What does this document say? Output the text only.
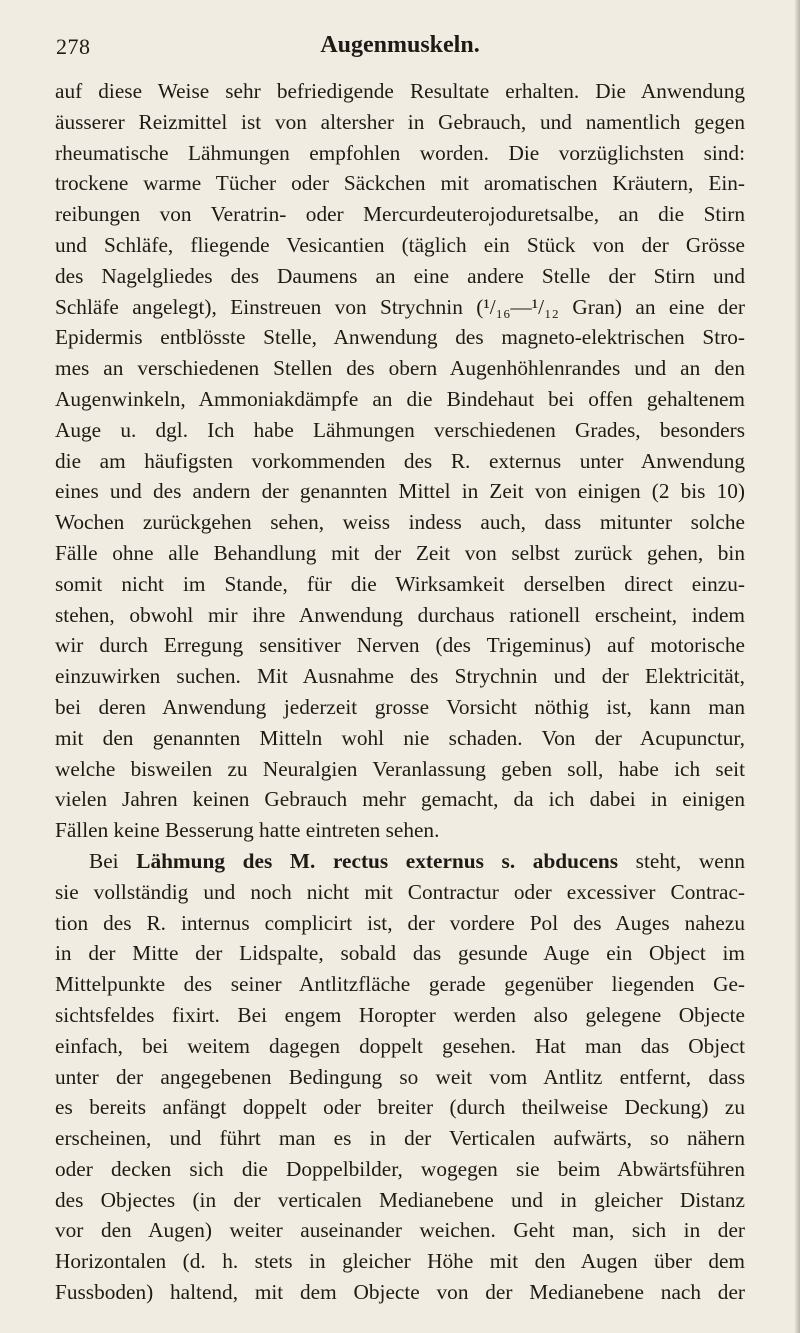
278	Augenmuskeln.

auf diese Weise sehr befriedigende Resultate erhalten. Die Anwendung
äusserer Reizmittel ist von altersher in Gebrauch, und namentlich gegen
rheumatische Lähmungen empfohlen worden. Die vorzüglichsten sind:
trockene warme Tücher oder Säckchen mit aromatischen Kräutern, Ein-
reibungen von Veratrin- oder Mercurdeuterojoduretsalbe, an die Stirn
und Schläfe, fliegende Vesicantien (täglich ein Stück von der Grösse
des Nagelgliedes des Daumens an eine andere Stelle der Stirn und
Schläfe angelegt), Einstreuen von Strychnin (¹/₁₆—¹/₁₂ Gran) an eine der
Epidermis entblösste Stelle, Anwendung des magneto-elektrischen Stro-
mes an verschiedenen Stellen des obern Augenhöhlenrandes und an den
Augenwinkeln, Ammoniakdämpfe an die Bindehaut bei offen gehaltenem
Auge u. dgl. Ich habe Lähmungen verschiedenen Grades, besonders
die am häufigsten vorkommenden des R. externus unter Anwendung
eines und des andern der genannten Mittel in Zeit von einigen (2 bis 10)
Wochen zurückgehen sehen, weiss indess auch, dass mitunter solche
Fälle ohne alle Behandlung mit der Zeit von selbst zurück gehen, bin
somit nicht im Stande, für die Wirksamkeit derselben direct einzu-
stehen, obwohl mir ihre Anwendung durchaus rationell erscheint, indem
wir durch Erregung sensitiver Nerven (des Trigeminus) auf motorische
einzuwirken suchen. Mit Ausnahme des Strychnin und der Elektricität,
bei deren Anwendung jederzeit grosse Vorsicht nöthig ist, kann man
mit den genannten Mitteln wohl nie schaden. Von der Acupunctur,
welche bisweilen zu Neuralgien Veranlassung geben soll, habe ich seit
vielen Jahren keinen Gebrauch mehr gemacht, da ich dabei in einigen
Fällen keine Besserung hatte eintreten sehen.

Bei Lähmung des M. rectus externus s. abducens steht, wenn
sie vollständig und noch nicht mit Contractur oder excessiver Contrac-
tion des R. internus complicirt ist, der vordere Pol des Auges nahezu
in der Mitte der Lidspalte, sobald das gesunde Auge ein Object im
Mittelpunkte des seiner Antlitzfläche gerade gegenüber liegenden Ge-
sichtsfeldes fixirt. Bei engem Horopter werden also gelegene Objecte
einfach, bei weitem dagegen doppelt gesehen. Hat man das Object
unter der angegebenen Bedingung so weit vom Antlitz entfernt, dass
es bereits anfängt doppelt oder breiter (durch theilweise Deckung) zu
erscheinen, und führt man es in der Verticalen aufwärts, so nähern
oder decken sich die Doppelbilder, wogegen sie beim Abwärtsführen
des Objectes (in der verticalen Medianebene und in gleicher Distanz
vor den Augen) weiter auseinander weichen. Geht man, sich in der
Horizontalen (d. h. stets in gleicher Höhe mit den Augen über dem
Fussboden) haltend, mit dem Objecte von der Medianebene nach der
